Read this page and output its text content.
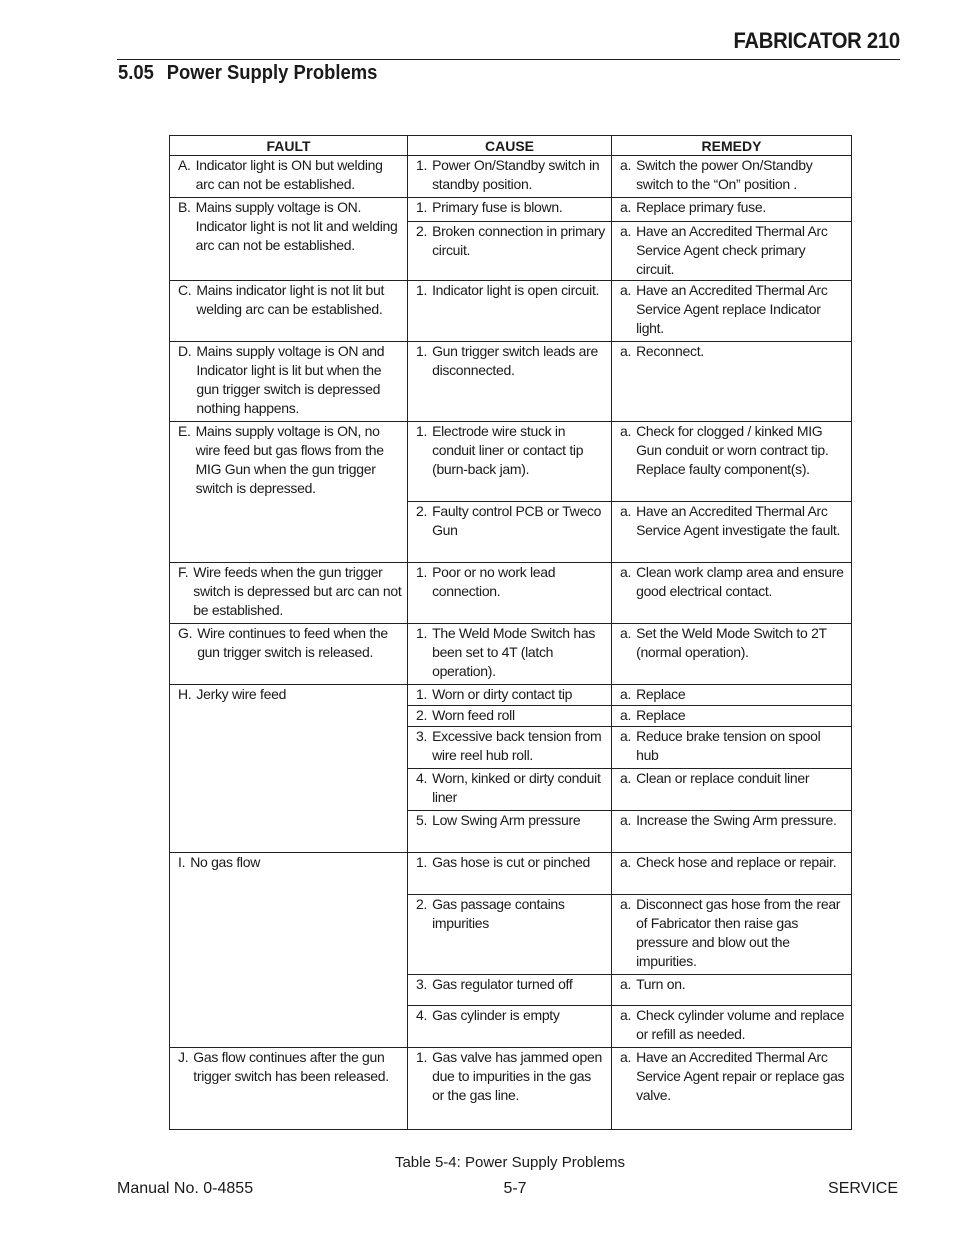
FABRICATOR 210
5.05 Power Supply Problems
FAULT	CAUSE	REMEDY

A. Indicator light is ON but welding arc can not be established.	1. Power On/Standby switch in standby position.	a. Switch the power On/Standby switch to the “On” position .

B. Mains supply voltage is ON. Indicator light is not lit and welding arc can not be established.	1. Primary fuse is blown.	a. Replace primary fuse.

	2. Broken connection in primary circuit.	a. Have an Accredited Thermal Arc Service Agent check primary circuit.

C. Mains indicator light is not lit but welding arc can be established.	1. Indicator light is open circuit.	a. Have an Accredited Thermal Arc Service Agent replace Indicator light.

D. Mains supply voltage is ON and Indicator light is lit but when the gun trigger switch is depressed nothing happens.	1. Gun trigger switch leads are disconnected.	a. Reconnect.

E. Mains supply voltage is ON, no wire feed but gas flows from the MIG Gun when the gun trigger switch is depressed.	1. Electrode wire stuck in conduit liner or contact tip (burn-back jam).	a. Check for clogged / kinked MIG Gun conduit or worn contract tip. Replace faulty component(s).

	2. Faulty control PCB or Tweco Gun	a. Have an Accredited Thermal Arc Service Agent investigate the fault.

F. Wire feeds when the gun trigger switch is depressed but arc can not be established.	1. Poor or no work lead connection.	a. Clean work clamp area and ensure good electrical contact.

G. Wire continues to feed when the gun trigger switch is released.	1. The Weld Mode Switch has been set to 4T (latch operation).	a. Set the Weld Mode Switch to 2T (normal operation).

H. Jerky wire feed	1. Worn or dirty contact tip	a. Replace

	2. Worn feed roll	a. Replace

	3. Excessive back tension from wire reel hub roll.	a. Reduce brake tension on spool hub

	4. Worn, kinked or dirty conduit liner	a. Clean or replace conduit liner

	5. Low Swing Arm pressure	a. Increase the Swing Arm pressure.

I. No gas flow	1. Gas hose is cut or pinched	a. Check hose and replace or repair.

	2. Gas passage contains impurities	a. Disconnect gas hose from the rear of Fabricator then raise gas pressure and blow out the impurities.

	3. Gas regulator turned off	a. Turn on.

	4. Gas cylinder is empty	a. Check cylinder volume and replace or refill as needed.

J. Gas flow continues after the gun trigger switch has been released.	1. Gas valve has jammed open due to impurities in the gas or the gas line.	a. Have an Accredited Thermal Arc Service Agent repair or replace gas valve.
Table 5-4: Power Supply Problems
Manual No. 0-4855	5-7	SERVICE
